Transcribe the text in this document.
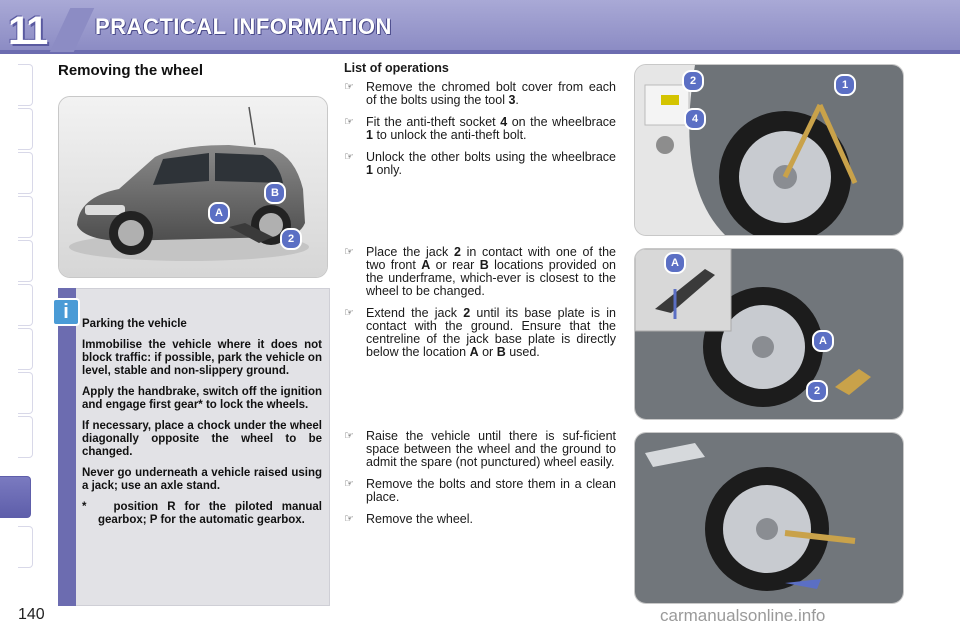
11	PRACTICAL INFORMATION
Removing the wheel
A
B
2
i
Parking the vehicle

Immobilise the vehicle where it does not block traffic: if possible, park the vehicle on level, stable and non-slippery ground.

Apply the handbrake, switch off the ignition and engage first gear* to lock the wheels.

If necessary, place a chock under the wheel diagonally opposite the wheel to be changed.

Never go underneath a vehicle raised using a jack; use an axle stand.

* position R for the piloted manual gearbox; P for the automatic gearbox.

List of operations
☞ Remove the chromed bolt cover from each of the bolts using the tool 3.
☞ Fit the anti-theft socket 4 on the wheelbrace 1 to unlock the anti-theft bolt.
☞ Unlock the other bolts using the wheelbrace 1 only.
☞ Place the jack 2 in contact with one of the two front A or rear B locations provided on the underframe, which-ever is closest to the wheel to be changed.
☞ Extend the jack 2 until its base plate is in contact with the ground. Ensure that the centreline of the jack base plate is directly below the location A or B used.
☞ Raise the vehicle until there is suf-ficient space between the wheel and the ground to admit the spare (not punctured) wheel easily.
☞ Remove the bolts and store them in a clean place.
☞ Remove the wheel.
1
2
4
A
A
2
140	carmanualsonline.info
